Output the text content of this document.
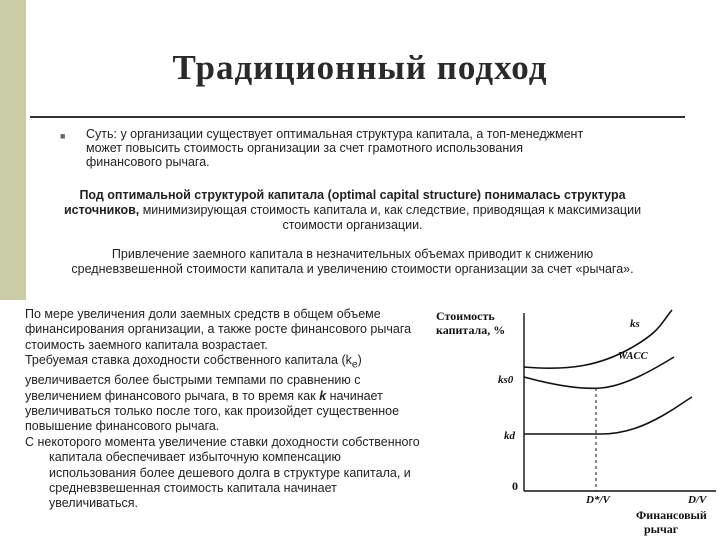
Традиционный подход
■ Суть: у организации существует оптимальная структура капитала, а топ-менеджмент может повысить стоимость организации за счет грамотного использования финансового рычага.
Под оптимальной структурой капитала (optimal capital structure) понималась структура источников, минимизирующая стоимость капитала и, как следствие, приводящая к максимизации стоимости организации.
Привлечение заемного капитала в незначительных объемах приводит к снижению средневзвешенной стоимости капитала и увеличению стоимости организации за счет «рычага».
По мере увеличения доли заемных средств в общем объеме финансирования организации, а также росте финансового рычага стоимость заемного капитала возрастает.
Требуемая ставка доходности собственного капитала $(k_e)$ увеличивается более быстрыми темпами по сравнению с увеличением финансового рычага, в то время как k начинает увеличиваться только после того, как произойдет существенное повышение финансового рычага.
С некоторого момента увеличение ставки доходности собственного капитала обеспечивает избыточную компенсацию использования более дешевого долга в структуре капитала, и средневзвешенная стоимость капитала начинает увеличиваться.
Стоимость
капитала, %	ks
WACC
ks0
kd
0
D*/V	D/V
Финансовый
рычаг
